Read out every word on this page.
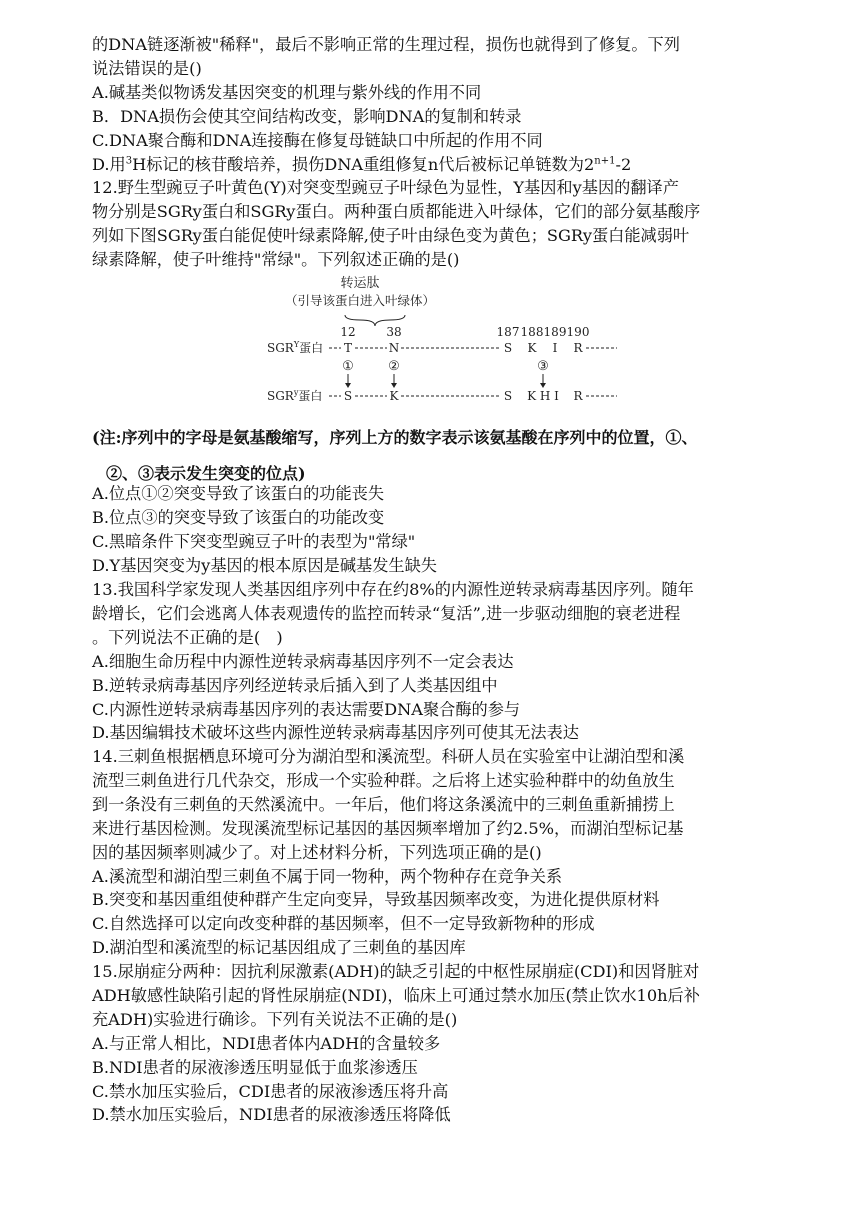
的DNA链逐渐被"稀释"，最后不影响正常的生理过程，损伤也就得到了修复。下列
说法错误的是()
A.碱基类似物诱发基因突变的机理与紫外线的作用不同
B．DNA损伤会使其空间结构改变，影响DNA的复制和转录
C.DNA聚合酶和DNA连接酶在修复母链缺口中所起的作用不同
D.用$^3$H标记的核苷酸培养，损伤DNA重组修复n代后被标记单链数为$2^{n+1}-2$
12.野生型豌豆子叶黄色(Y)对突变型豌豆子叶绿色为显性，Y基因和y基因的翻译产
物分别是SGRy蛋白和SGRy蛋白。两种蛋白质都能进入叶绿体，它们的部分氨基酸序
列如下图SGRy蛋白能促使叶绿素降解,使子叶由绿色变为黄色；SGRy蛋白能减弱叶
绿素降解，使子叶维持"常绿"。下列叙述正确的是()
转运肽
（引导该蛋白进入叶绿体）
12	38	187 188 189 190
$SGR^Y$蛋白 T	N	S K I R
①	②	③
SGR$^y$蛋白 S	K	S K H I R
(注:序列中的字母是氨基酸缩写，序列上方的数字表示该氨基酸在序列中的位置，①、
②、③表示发生突变的位点)
A.位点①②突变导致了该蛋白的功能丧失
B.位点③的突变导致了该蛋白的功能改变
C.黑暗条件下突变型豌豆子叶的表型为"常绿"
D.Y基因突变为y基因的根本原因是碱基发生缺失
13.我国科学家发现人类基因组序列中存在约8%的内源性逆转录病毒基因序列。随年
龄增长，它们会逃离人体表观遗传的监控而转录“复活”,进一步驱动细胞的衰老进程
。下列说法不正确的是(　)
A.细胞生命历程中内源性逆转录病毒基因序列不一定会表达
B.逆转录病毒基因序列经逆转录后插入到了人类基因组中
C.内源性逆转录病毒基因序列的表达需要DNA聚合酶的参与
D.基因编辑技术破坏这些内源性逆转录病毒基因序列可使其无法表达
14.三刺鱼根据栖息环境可分为湖泊型和溪流型。科研人员在实验室中让湖泊型和溪
流型三刺鱼进行几代杂交，形成一个实验种群。之后将上述实验种群中的幼鱼放生
到一条没有三刺鱼的天然溪流中。一年后，他们将这条溪流中的三刺鱼重新捕捞上
来进行基因检测。发现溪流型标记基因的基因频率增加了约2.5%，而湖泊型标记基
因的基因频率则减少了。对上述材料分析，下列选项正确的是()
A.溪流型和湖泊型三刺鱼不属于同一物种，两个物种存在竞争关系
B.突变和基因重组使种群产生定向变异，导致基因频率改变，为进化提供原材料
C.自然选择可以定向改变种群的基因频率，但不一定导致新物种的形成
D.湖泊型和溪流型的标记基因组成了三刺鱼的基因库
15.尿崩症分两种：因抗利尿激素(ADH)的缺乏引起的中枢性尿崩症(CDI)和因肾脏对
ADH敏感性缺陷引起的肾性尿崩症(NDI)，临床上可通过禁水加压(禁止饮水10h后补
充ADH)实验进行确诊。下列有关说法不正确的是()
A.与正常人相比，NDI患者体内ADH的含量较多
B.NDI患者的尿液渗透压明显低于血浆渗透压
C.禁水加压实验后，CDI患者的尿液渗透压将升高
D.禁水加压实验后，NDI患者的尿液渗透压将降低
